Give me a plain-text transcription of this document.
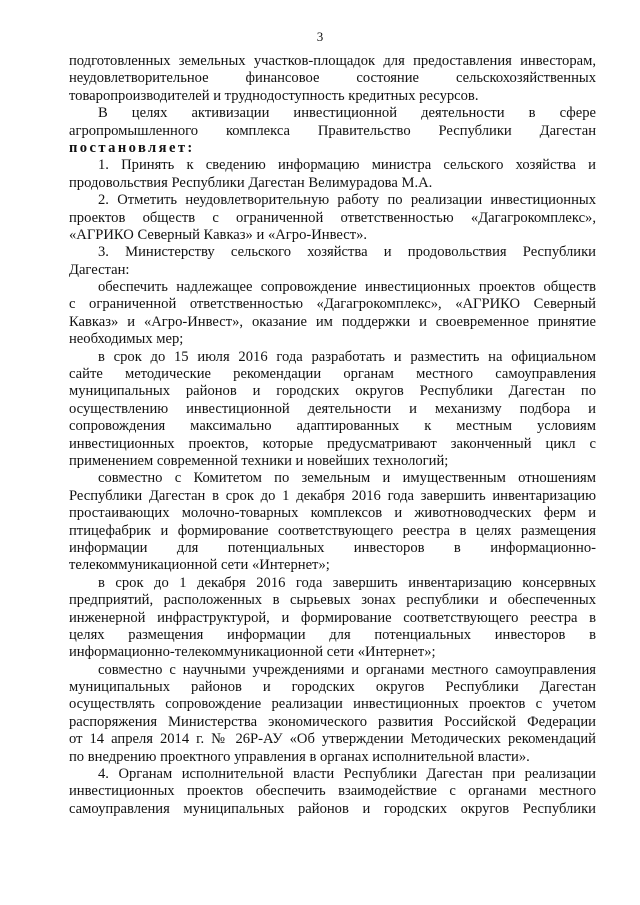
3
подготовленных земельных участков-площадок для предоставления инвесторам,
неудовлетворительное финансовое состояние сельскохозяйственных
товаропроизводителей и труднодоступность кредитных ресурсов.
В целях активизации инвестиционной деятельности в сфере
агропромышленного комплекса Правительство Республики Дагестан
постановляет:
1. Принять к сведению информацию министра сельского хозяйства и
продовольствия Республики Дагестан Велимурадова М.А.
2. Отметить неудовлетворительную работу по реализации инвестиционных
проектов обществ с ограниченной ответственностью «Дагагрокомплекс»,
«АГРИКО Северный Кавказ» и «Агро-Инвест».
3. Министерству сельского хозяйства и продовольствия Республики
Дагестан:
обеспечить надлежащее сопровождение инвестиционных проектов обществ
с ограниченной ответственностью «Дагагрокомплекс», «АГРИКО Северный
Кавказ» и «Агро-Инвест», оказание им поддержки и своевременное принятие
необходимых мер;
в срок до 15 июля 2016 года разработать и разместить на официальном
сайте методические рекомендации органам местного самоуправления
муниципальных районов и городских округов Республики Дагестан по
осуществлению инвестиционной деятельности и механизму подбора и
сопровождения максимально адаптированных к местным условиям
инвестиционных проектов, которые предусматривают законченный цикл с
применением современной техники и новейших технологий;
совместно с Комитетом по земельным и имущественным отношениям
Республики Дагестан в срок до 1 декабря 2016 года завершить инвентаризацию
простаивающих молочно-товарных комплексов и животноводческих ферм и
птицефабрик и формирование соответствующего реестра в целях размещения
информации для потенциальных инвесторов в информационно-
телекоммуникационной сети «Интернет»;
в срок до 1 декабря 2016 года завершить инвентаризацию консервных
предприятий, расположенных в сырьевых зонах республики и обеспеченных
инженерной инфраструктурой, и формирование соответствующего реестра в
целях размещения информации для потенциальных инвесторов в
информационно-телекоммуникационной сети «Интернет»;
совместно с научными учреждениями и органами местного самоуправления
муниципальных районов и городских округов Республики Дагестан
осуществлять сопровождение реализации инвестиционных проектов с учетом
распоряжения Министерства экономического развития Российской Федерации
от 14 апреля 2014 г. № 26Р-АУ «Об утверждении Методических рекомендаций
по внедрению проектного управления в органах исполнительной власти».
4. Органам исполнительной власти Республики Дагестан при реализации
инвестиционных проектов обеспечить взаимодействие с органами местного
самоуправления муниципальных районов и городских округов Республики
